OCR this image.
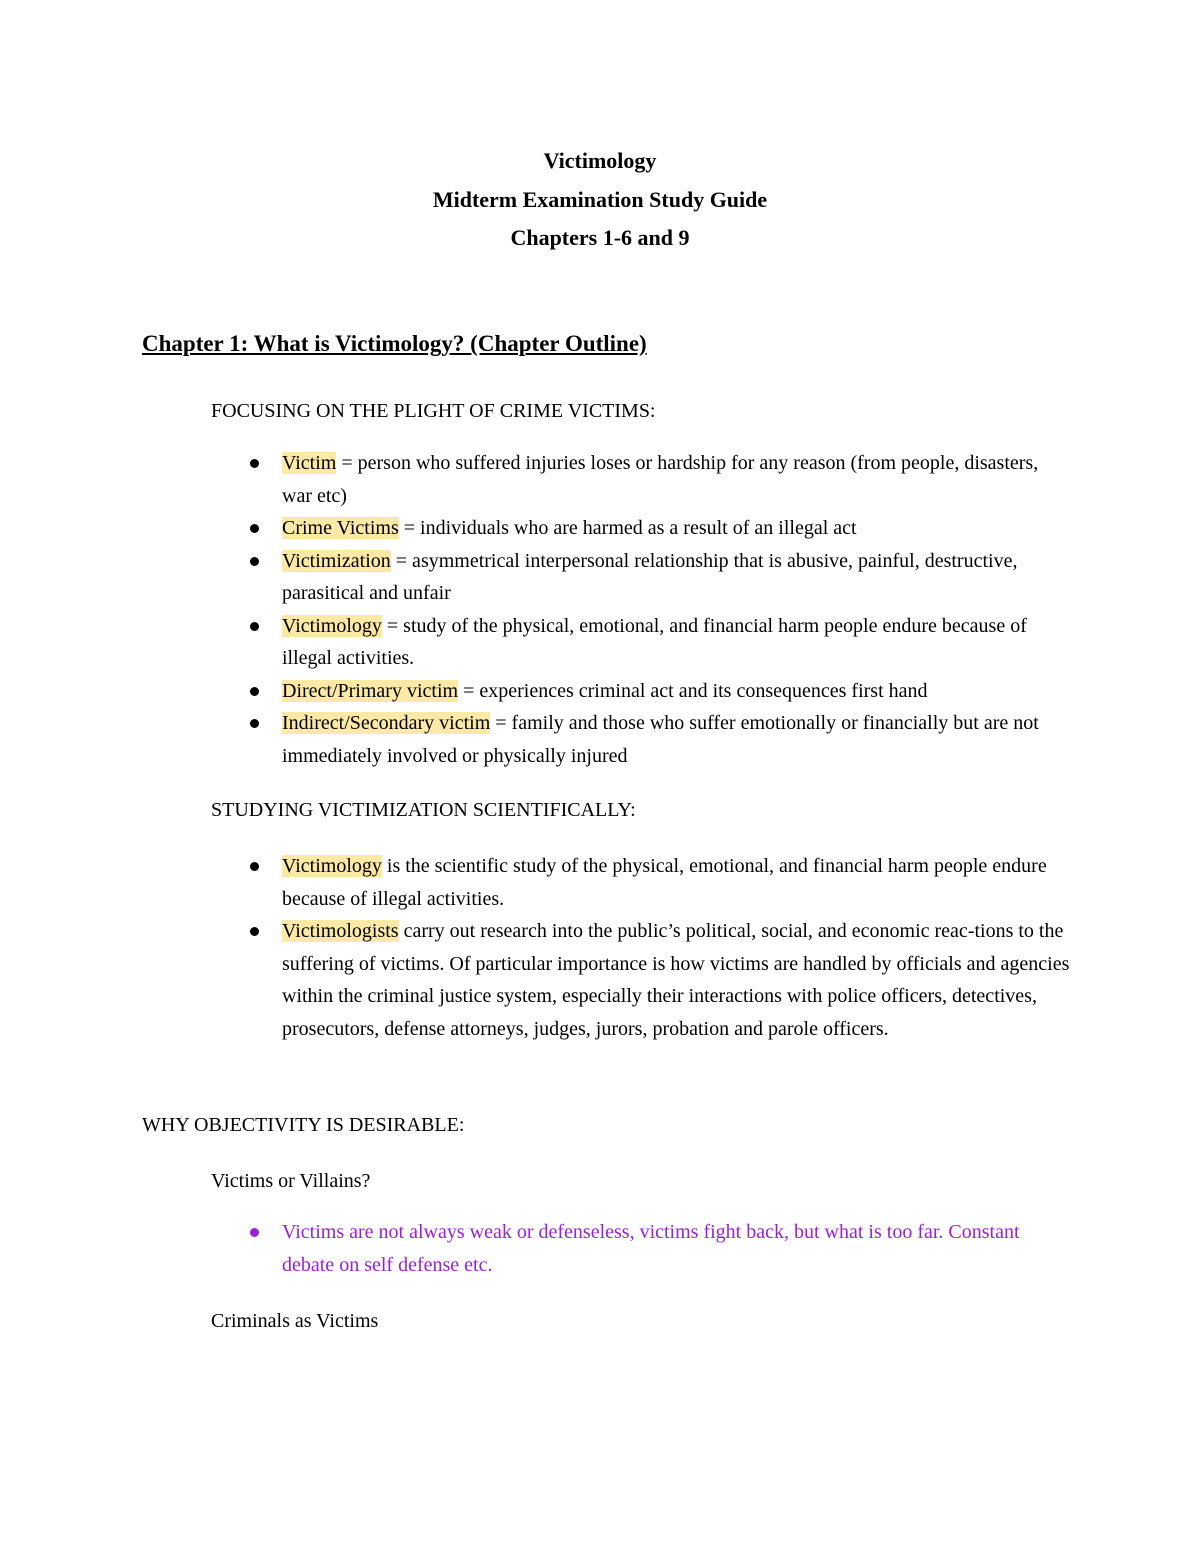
Victimology

Midterm Examination Study Guide

Chapters 1-6 and 9

Chapter 1: What is Victimology? (Chapter Outline)

FOCUSING ON THE PLIGHT OF CRIME VICTIMS:

Victim = person who suffered injuries loses or hardship for any reason (from people, disasters, war etc)
Crime Victims = individuals who are harmed as a result of an illegal act
Victimization = asymmetrical interpersonal relationship that is abusive, painful, destructive, parasitical and unfair
Victimology = study of the physical, emotional, and financial harm people endure because of illegal activities.
Direct/Primary victim = experiences criminal act and its consequences first hand
Indirect/Secondary victim = family and those who suffer emotionally or financially but are not immediately involved or physically injured

STUDYING VICTIMIZATION SCIENTIFICALLY:

Victimology is the scientific study of the physical, emotional, and financial harm people endure because of illegal activities.
Victimologists carry out research into the public’s political, social, and economic reac-tions to the suffering of victims. Of particular importance is how victims are handled by officials and agencies within the criminal justice system, especially their interactions with police officers, detectives, prosecutors, defense attorneys, judges, jurors, probation and parole officers.

WHY OBJECTIVITY IS DESIRABLE:

Victims or Villains?

Victims are not always weak or defenseless, victims fight back, but what is too far. Constant debate on self defense etc.

Criminals as Victims
